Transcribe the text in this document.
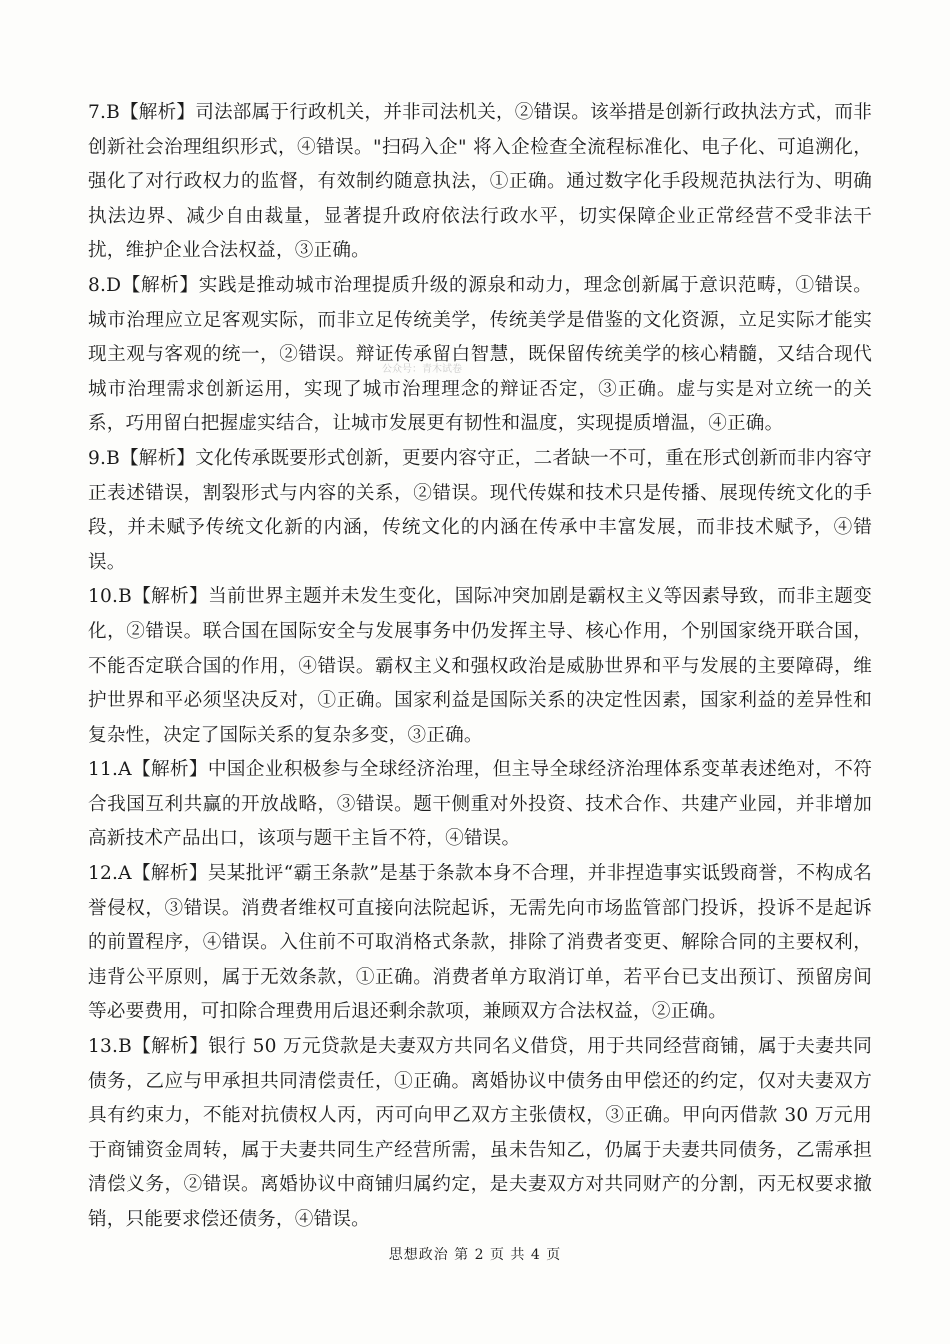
7.B【解析】司法部属于行政机关，并非司法机关，②错误。该举措是创新行政执法方式，而非创新社会治理组织形式，④错误。"扫码入企" 将入企检查全流程标准化、电子化、可追溯化，强化了对行政权力的监督，有效制约随意执法，①正确。通过数字化手段规范执法行为、明确执法边界、减少自由裁量，显著提升政府依法行政水平，切实保障企业正常经营不受非法干扰，维护企业合法权益，③正确。

8.D【解析】实践是推动城市治理提质升级的源泉和动力，理念创新属于意识范畴，①错误。城市治理应立足客观实际，而非立足传统美学，传统美学是借鉴的文化资源，立足实际才能实现主观与客观的统一，②错误。辩证传承留白智慧，既保留传统美学的核心精髓，又结合现代城市治理需求创新运用，实现了城市治理理念的辩证否定，③正确。虚与实是对立统一的关系，巧用留白把握虚实结合，让城市发展更有韧性和温度，实现提质增温，④正确。

9.B【解析】文化传承既要形式创新，更要内容守正，二者缺一不可，重在形式创新而非内容守正表述错误，割裂形式与内容的关系，②错误。现代传媒和技术只是传播、展现传统文化的手段，并未赋予传统文化新的内涵，传统文化的内涵在传承中丰富发展，而非技术赋予，④错误。

10.B【解析】当前世界主题并未发生变化，国际冲突加剧是霸权主义等因素导致，而非主题变化，②错误。联合国在国际安全与发展事务中仍发挥主导、核心作用，个别国家绕开联合国，不能否定联合国的作用，④错误。霸权主义和强权政治是威胁世界和平与发展的主要障碍，维护世界和平必须坚决反对，①正确。国家利益是国际关系的决定性因素，国家利益的差异性和复杂性，决定了国际关系的复杂多变，③正确。

11.A【解析】中国企业积极参与全球经济治理，但主导全球经济治理体系变革表述绝对，不符合我国互利共赢的开放战略，③错误。题干侧重对外投资、技术合作、共建产业园，并非增加高新技术产品出口，该项与题干主旨不符，④错误。

12.A【解析】吴某批评“霸王条款”是基于条款本身不合理，并非捏造事实诋毁商誉，不构成名誉侵权，③错误。消费者维权可直接向法院起诉，无需先向市场监管部门投诉，投诉不是起诉的前置程序，④错误。入住前不可取消格式条款，排除了消费者变更、解除合同的主要权利，违背公平原则，属于无效条款，①正确。消费者单方取消订单，若平台已支出预订、预留房间等必要费用，可扣除合理费用后退还剩余款项，兼顾双方合法权益，②正确。

13.B【解析】银行 50 万元贷款是夫妻双方共同名义借贷，用于共同经营商铺，属于夫妻共同债务，乙应与甲承担共同清偿责任，①正确。离婚协议中债务由甲偿还的约定，仅对夫妻双方具有约束力，不能对抗债权人丙，丙可向甲乙双方主张债权，③正确。甲向丙借款 30 万元用于商铺资金周转，属于夫妻共同生产经营所需，虽未告知乙，仍属于夫妻共同债务，乙需承担清偿义务，②错误。离婚协议中商铺归属约定，是夫妻双方对共同财产的分割，丙无权要求撤销，只能要求偿还债务，④错误。

公众号：青木试卷
思想政治 第 2 页 共 4 页
